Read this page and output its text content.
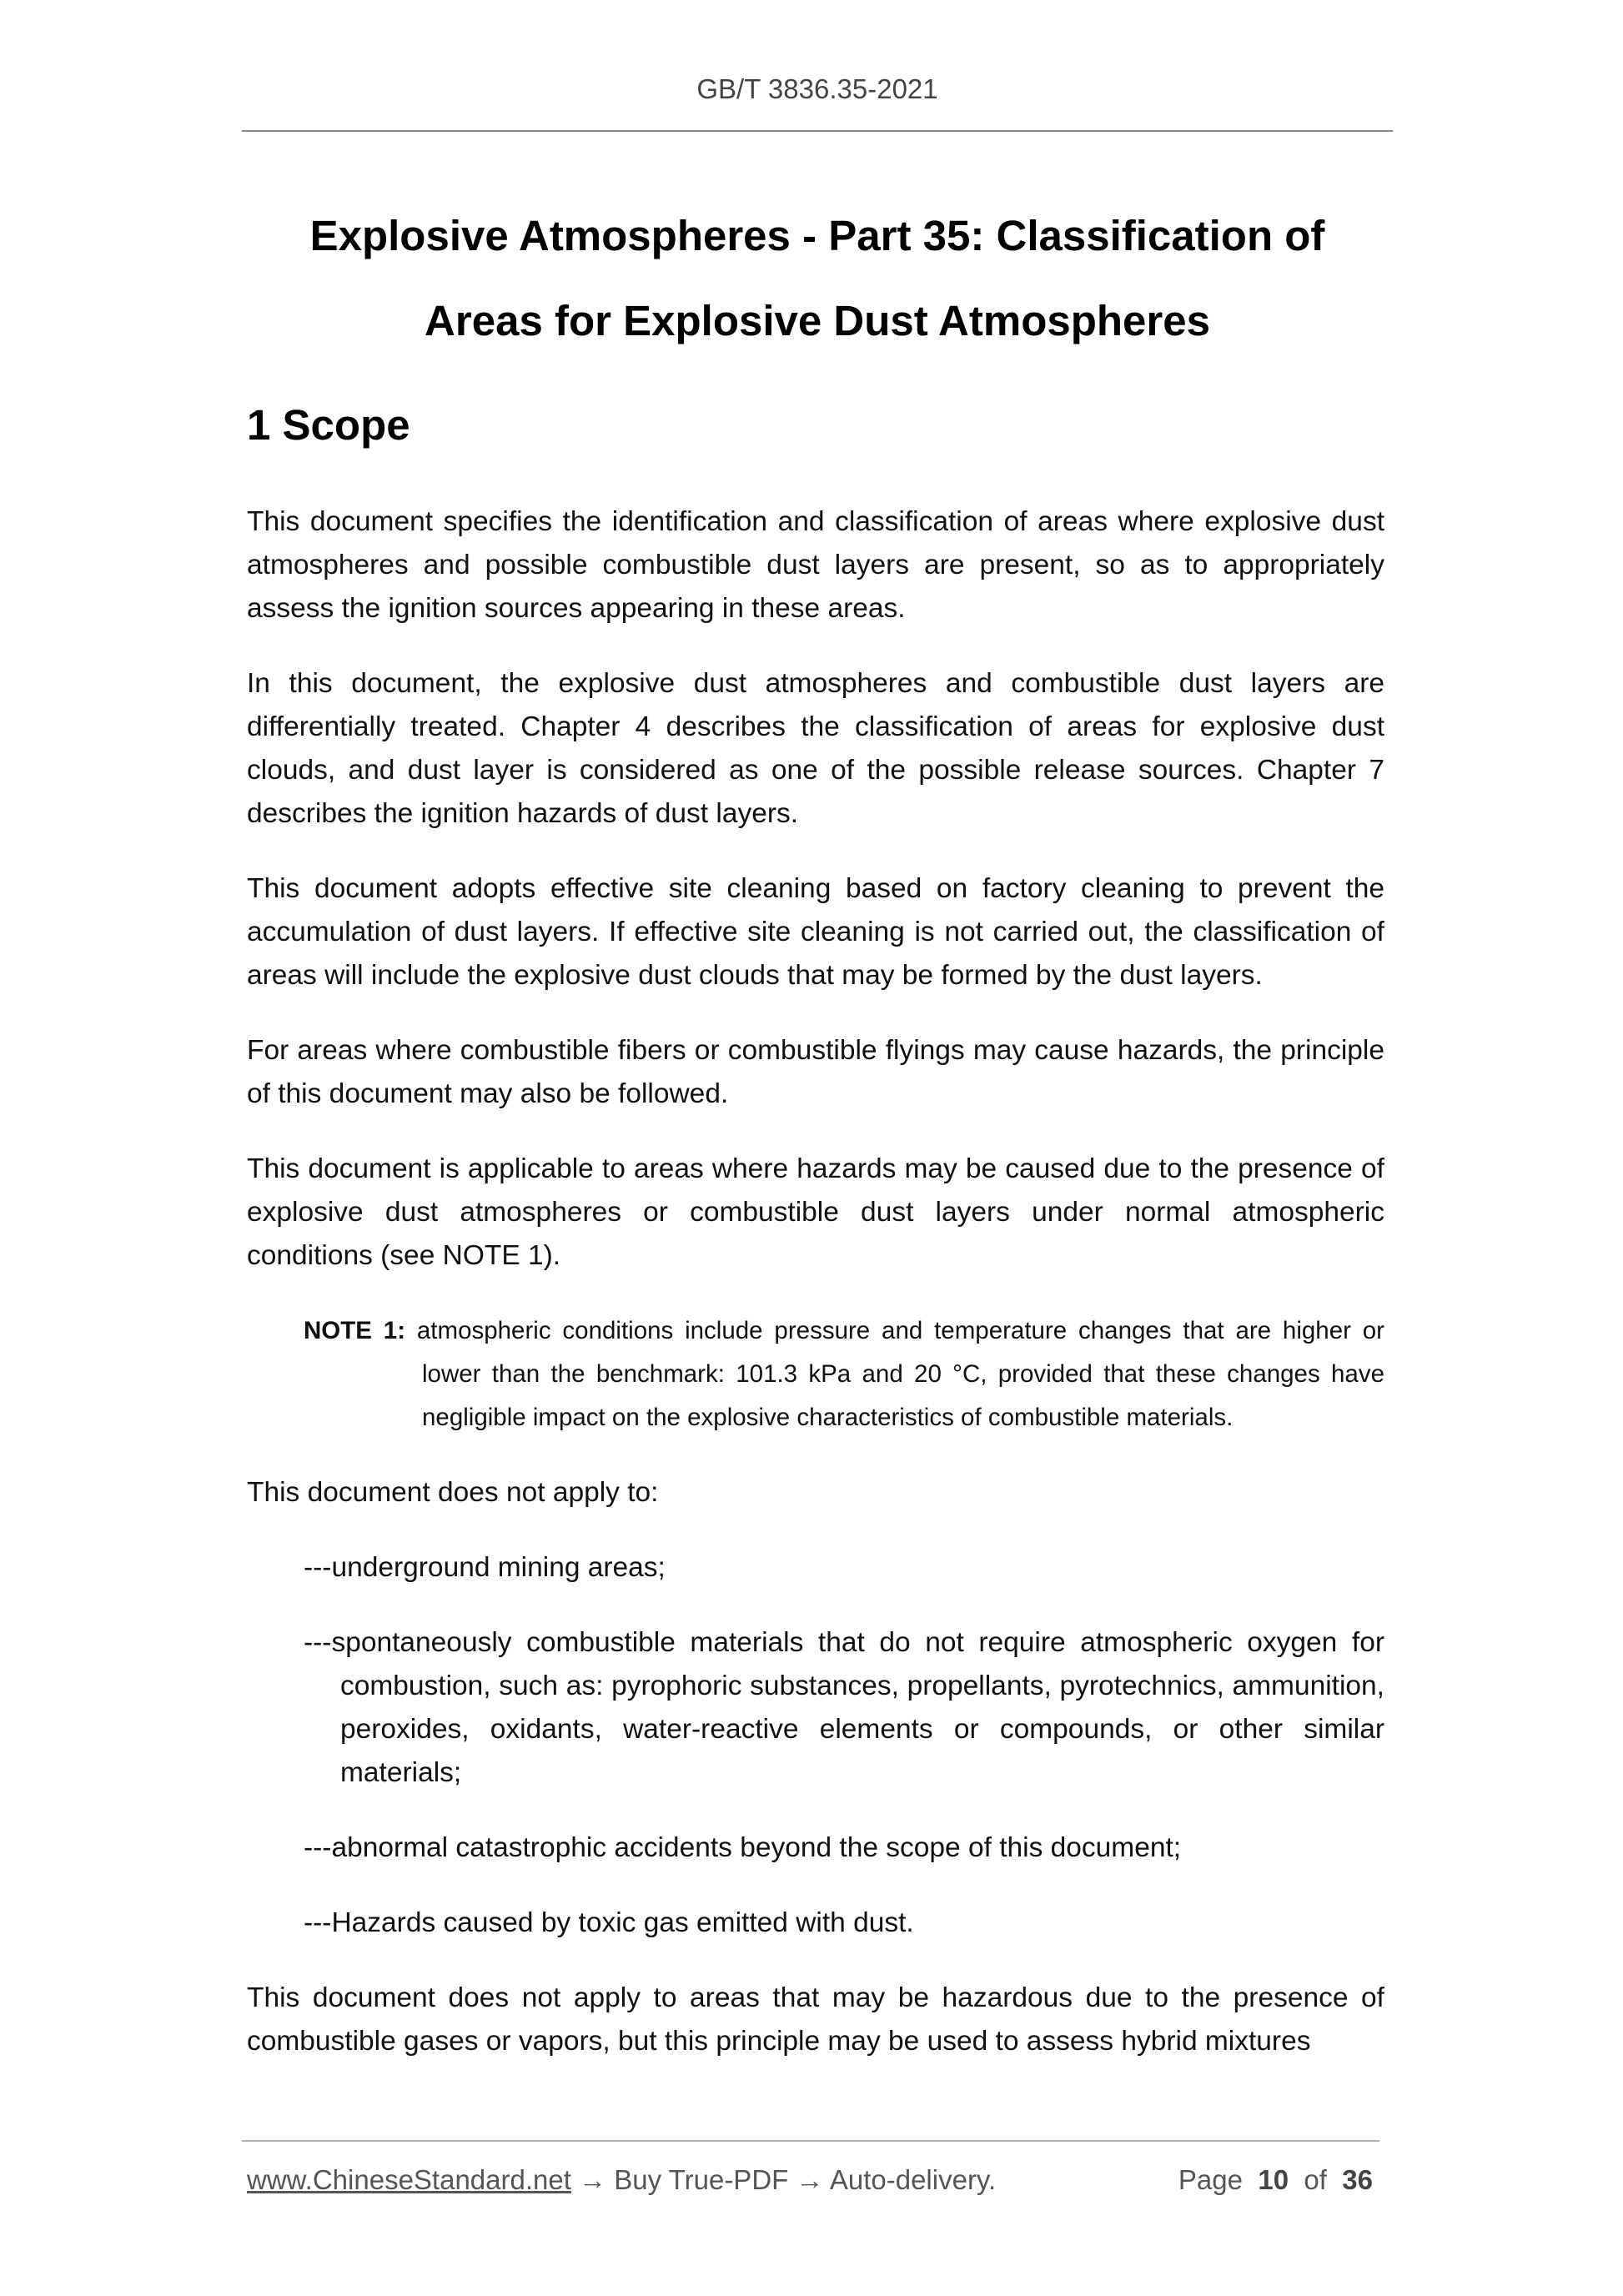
GB/T 3836.35-2021
Explosive Atmospheres - Part 35: Classification of
Areas for Explosive Dust Atmospheres
1 Scope

This document specifies the identification and classification of areas where explosive dust atmospheres and possible combustible dust layers are present, so as to appropriately assess the ignition sources appearing in these areas.

In this document, the explosive dust atmospheres and combustible dust layers are differentially treated. Chapter 4 describes the classification of areas for explosive dust clouds, and dust layer is considered as one of the possible release sources. Chapter 7 describes the ignition hazards of dust layers.

This document adopts effective site cleaning based on factory cleaning to prevent the accumulation of dust layers. If effective site cleaning is not carried out, the classification of areas will include the explosive dust clouds that may be formed by the dust layers.

For areas where combustible fibers or combustible flyings may cause hazards, the principle of this document may also be followed.

This document is applicable to areas where hazards may be caused due to the presence of explosive dust atmospheres or combustible dust layers under normal atmospheric conditions (see NOTE 1).

NOTE 1: atmospheric conditions include pressure and temperature changes that are higher or lower than the benchmark: 101.3 kPa and 20 °C, provided that these changes have negligible impact on the explosive characteristics of combustible materials.

This document does not apply to:

---underground mining areas;

---spontaneously combustible materials that do not require atmospheric oxygen for combustion, such as: pyrophoric substances, propellants, pyrotechnics, ammunition, peroxides, oxidants, water-reactive elements or compounds, or other similar materials;

---abnormal catastrophic accidents beyond the scope of this document;

---Hazards caused by toxic gas emitted with dust.

This document does not apply to areas that may be hazardous due to the presence of combustible gases or vapors, but this principle may be used to assess hybrid mixtures

www.ChineseStandard.net → Buy True-PDF → Auto-delivery.	Page 10 of 36
